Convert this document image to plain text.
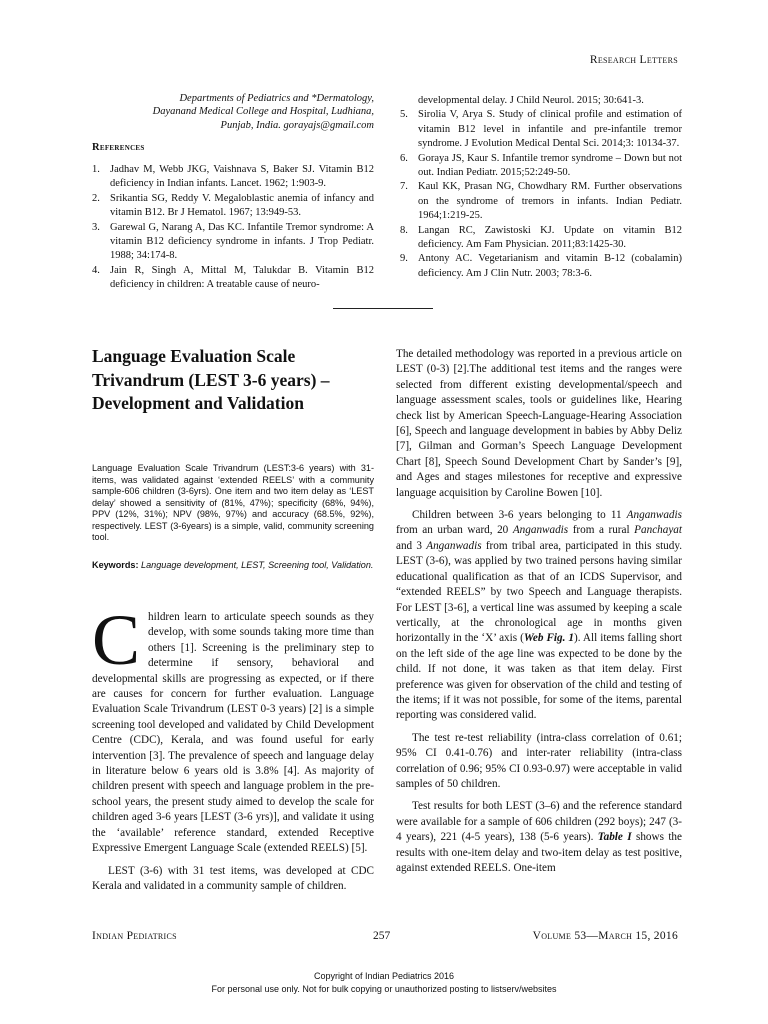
Research Letters
Departments of Pediatrics and *Dermatology,
Dayanand Medical College and Hospital, Ludhiana,
Punjab, India. gorayajs@gmail.com
References
1. Jadhav M, Webb JKG, Vaishnava S, Baker SJ. Vitamin B12 deficiency in Indian infants. Lancet. 1962; 1:903-9.
2. Srikantia SG, Reddy V. Megaloblastic anemia of infancy and vitamin B12. Br J Hematol. 1967; 13:949-53.
3. Garewal G, Narang A, Das KC. Infantile Tremor syndrome: A vitamin B12 deficiency syndrome in infants. J Trop Pediatr. 1988; 34:174-8.
4. Jain R, Singh A, Mittal M, Talukdar B. Vitamin B12 deficiency in children: A treatable cause of neuro-
developmental delay. J Child Neurol. 2015; 30:641-3.
5. Sirolia V, Arya S. Study of clinical profile and estimation of vitamin B12 level in infantile and pre-infantile tremor syndrome. J Evolution Medical Dental Sci. 2014;3: 10134-37.
6. Goraya JS, Kaur S. Infantile tremor syndrome – Down but not out. Indian Pediatr. 2015;52:249-50.
7. Kaul KK, Prasan NG, Chowdhary RM. Further observations on the syndrome of tremors in infants. Indian Pediatr. 1964;1:219-25.
8. Langan RC, Zawistoski KJ. Update on vitamin B12 deficiency. Am Fam Physician. 2011;83:1425-30.
9. Antony AC. Vegetarianism and vitamin B-12 (cobalamin) deficiency. Am J Clin Nutr. 2003; 78:3-6.
Language Evaluation Scale Trivandrum (LEST 3-6 years) – Development and Validation

Language Evaluation Scale Trivandrum (LEST:3-6 years) with 31-items, was validated against ‘extended REELS’ with a community sample-606 children (3-6yrs). One item and two item delay as ‘LEST delay’ showed a sensitivity of (81%, 47%); specificity (68%, 94%), PPV (12%, 31%); NPV (98%, 97%) and accuracy (68.5%, 92%), respectively. LEST (3-6years) is a simple, valid, community screening tool.

Keywords: Language development, LEST, Screening tool, Validation.

Children learn to articulate speech sounds as they develop, with some sounds taking more time than others [1]. Screening is the preliminary step to determine if sensory, behavioral and developmental skills are progressing as expected, or if there are causes for concern for further evaluation. Language Evaluation Scale Trivandrum (LEST 0-3 years) [2] is a simple screening tool developed and validated by Child Development Centre (CDC), Kerala, and was found useful for early intervention [3]. The prevalence of speech and language delay in literature below 6 years old is 3.8% [4]. As majority of children present with speech and language problem in the pre-school years, the present study aimed to develop the scale for children aged 3-6 years [LEST (3-6 yrs)], and validate it using the ‘available’ reference standard, extended Receptive Expressive Emergent Language Scale (extended REELS) [5].

LEST (3-6) with 31 test items, was developed at CDC Kerala and validated in a community sample of children.

The detailed methodology was reported in a previous article on LEST (0-3) [2].The additional test items and the ranges were selected from different existing developmental/speech and language assessment scales, tools or guidelines like, Hearing check list by American Speech-Language-Hearing Association [6], Speech and language development in babies by Abby Deliz [7], Gilman and Gorman’s Speech Language Development Chart [8], Speech Sound Development Chart by Sander’s [9], and Ages and stages milestones for receptive and expressive language acquisition by Caroline Bowen [10].

Children between 3-6 years belonging to 11 Anganwadis from an urban ward, 20 Anganwadis from a rural Panchayat and 3 Anganwadis from tribal area, participated in this study. LEST (3-6), was applied by two trained persons having similar educational qualification as that of an ICDS Supervisor, and “extended REELS” by two Speech and Language therapists. For LEST [3-6], a vertical line was assumed by keeping a scale vertically, at the chronological age in months given horizontally in the ‘X’ axis (Web Fig. 1). All items falling short on the left side of the age line was expected to be done by the child. If not done, it was taken as that item delay. First preference was given for observation of the child and testing of the items; if it was not possible, for some of the items, parental reporting was considered valid.

The test re-test reliability (intra-class correlation of 0.61; 95% CI 0.41-0.76) and inter-rater reliability (intra-class correlation of 0.96; 95% CI 0.93-0.97) were acceptable in valid samples of 50 children.

Test results for both LEST (3–6) and the reference standard were available for a sample of 606 children (292 boys); 247 (3-4 years), 221 (4-5 years), 138 (5-6 years). Table I shows the results with one-item delay and two-item delay as test positive, against extended REELS. One-item

Indian Pediatrics	257	Volume 53—March 15, 2016
Copyright of Indian Pediatrics 2016
For personal use only. Not for bulk copying or unauthorized posting to listserv/websites
